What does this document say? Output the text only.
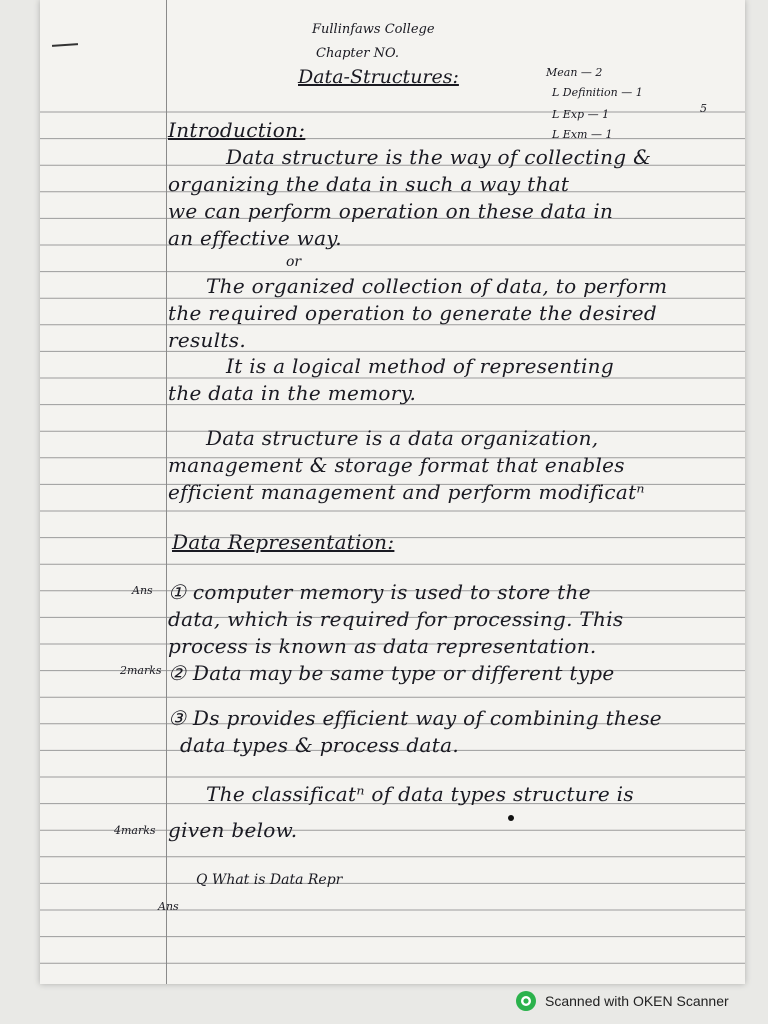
Fullinfaws College
Chapter NO.
Data-Structures:	Mean — 2
L Definition — 1
L Exp — 1
L Exm — 1
5
Introduction:
Data structure is the way of collecting &
organizing the data in such a way that
we can perform operation on these data in
an effective way.
or
The organized collection of data, to perform
the required operation to generate the desired
results.
It is a logical method of representing
the data in the memory.
Data structure is a data organization,
management & storage format that enables
efficient management and perform modificatⁿ
Data Representation:
Ans ① computer memory is used to store the
data, which is required for processing. This
process is known as data representation.
2marks ② Data may be same type or different type
③ Ds provides efficient way of combining these
data types & process data.
The classificatⁿ of data types structure is
4marks given below.
Q What is Data Repr
Ans
Scanned with OKEN Scanner
